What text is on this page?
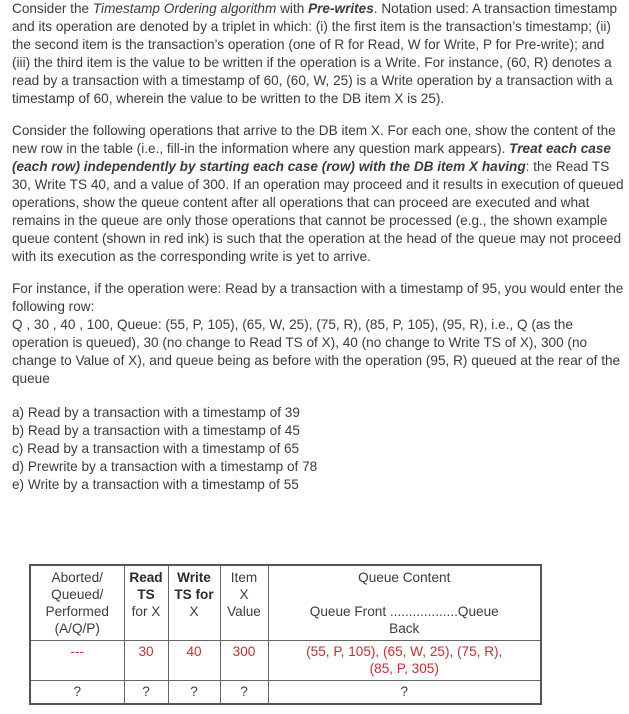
Consider the Timestamp Ordering algorithm with Pre-writes. Notation used: A transaction timestamp and its operation are denoted by a triplet in which: (i) the first item is the transaction’s timestamp; (ii) the second item is the transaction’s operation (one of R for Read, W for Write, P for Pre-write); and (iii) the third item is the value to be written if the operation is a Write. For instance, (60, R) denotes a read by a transaction with a timestamp of 60, (60, W, 25) is a Write operation by a transaction with a timestamp of 60, wherein the value to be written to the DB item X is 25).

Consider the following operations that arrive to the DB item X. For each one, show the content of the new row in the table (i.e., fill-in the information where any question mark appears). Treat each case (each row) independently by starting each case (row) with the DB item X having: the Read TS 30, Write TS 40, and a value of 300. If an operation may proceed and it results in execution of queued operations, show the queue content after all operations that can proceed are executed and what remains in the queue are only those operations that cannot be processed (e.g., the shown example queue content (shown in red ink) is such that the operation at the head of the queue may not proceed with its execution as the corresponding write is yet to arrive.

For instance, if the operation were: Read by a transaction with a timestamp of 95, you would enter the following row:
Q , 30 , 40 , 100, Queue: (55, P, 105), (65, W, 25), (75, R), (85, P, 105), (95, R), i.e., Q (as the operation is queued), 30 (no change to Read TS of X), 40 (no change to Write TS of X), 300 (no change to Value of X), and queue being as before with the operation (95, R) queued at the rear of the queue

a) Read by a transaction with a timestamp of 39
b) Read by a transaction with a timestamp of 45
c) Read by a transaction with a timestamp of 65
d) Prewrite by a transaction with a timestamp of 78
e) Write by a transaction with a timestamp of 55
Aborted/
Queued/
Performed
(A/Q/P)	Read
TS
for X	Write
TS for
X	Item
X
Value	Queue Content

Queue Front ..................Queue
Back
---	30	40	300	(55, P, 105), (65, W, 25), (75, R),
(85, P, 305)
?	?	?	?	?
